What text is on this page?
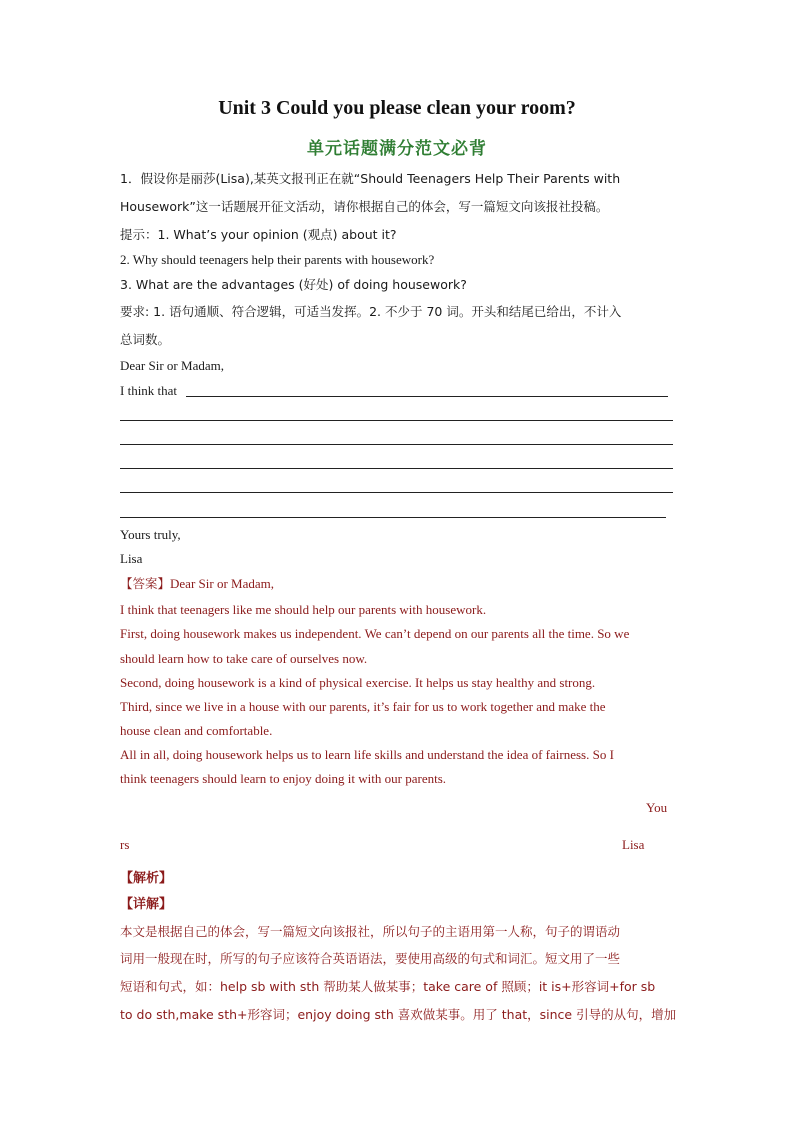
Unit 3 Could you please clean your room?
单元话题满分范文必背
1．假设你是丽莎(Lisa),某英文报刊正在就“Should Teenagers Help Their Parents with
Housework”这一话题展开征文活动，请你根据自己的体会，写一篇短文向该报社投稿。
提示：1. What’s your opinion (观点) about it?
2. Why should teenagers help their parents with housework?
3. What are the advantages (好处) of doing housework?
要求: 1. 语句通顺、符合逻辑，可适当发挥。2. 不少于 70 词。开头和结尾已给出，不计入
总词数。
Dear Sir or Madam,
I think that
Yours truly,
Lisa
【答案】Dear Sir or Madam,
I think that teenagers like me should help our parents with housework.
First, doing housework makes us independent. We can’t depend on our parents all the time. So we
should learn how to take care of ourselves now.
Second, doing housework is a kind of physical exercise. It helps us stay healthy and strong.
Third, since we live in a house with our parents, it’s fair for us to work together and make the
house clean and comfortable.
All in all, doing housework helps us to learn life skills and understand the idea of fairness. So I
think teenagers should learn to enjoy doing it with our parents.
You
rs	Lisa
【解析】
【详解】
本文是根据自己的体会，写一篇短文向该报社，所以句子的主语用第一人称，句子的谓语动
词用一般现在时，所写的句子应该符合英语语法，要使用高级的句式和词汇。短文用了一些
短语和句式，如：help sb with sth 帮助某人做某事；take care of 照顾；it is+形容词+for sb
to do sth,make sth+形容词；enjoy doing sth 喜欢做某事。用了 that，since 引导的从句，增加
